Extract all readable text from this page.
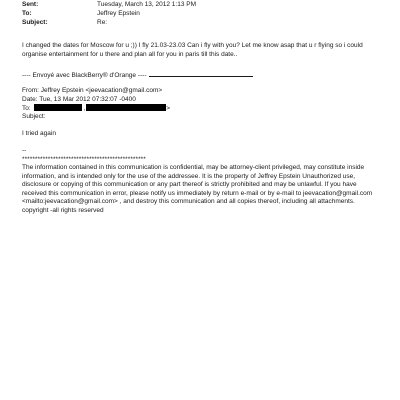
Sent:	Tuesday, March 13, 2012 1:13 PM
To:	Jeffrey Epstein
Subject:	Re:
I changed the dates for Moscow for u ;)) I fly 21.03-23.03 Can i fly with you? Let me know asap that u r flying so i could organise entertainment for u there and plan all for you in paris till this date..
---- Envoyé avec BlackBerry® d'Orange ----
From: Jeffrey Epstein <jeevacation@gmail.com>
Date: Tue, 13 Mar 2012 07:32:07 -0400
To:	,	>
Subject:
I tried again
--
************************************************
The information contained in this communication is confidential, may be attorney-client privileged, may constitute inside information, and is intended only for the use of the addressee. It is the property of Jeffrey Epstein Unauthorized use, disclosure or copying of this communication or any part thereof is strictly prohibited and may be unlawful. If you have received this communication in error, please notify us immediately by return e-mail or by e-mail to jeevacation@gmail.com <mailto:jeevacation@gmail.com> , and destroy this communication and all copies thereof, including all attachments. copyright -all rights reserved
